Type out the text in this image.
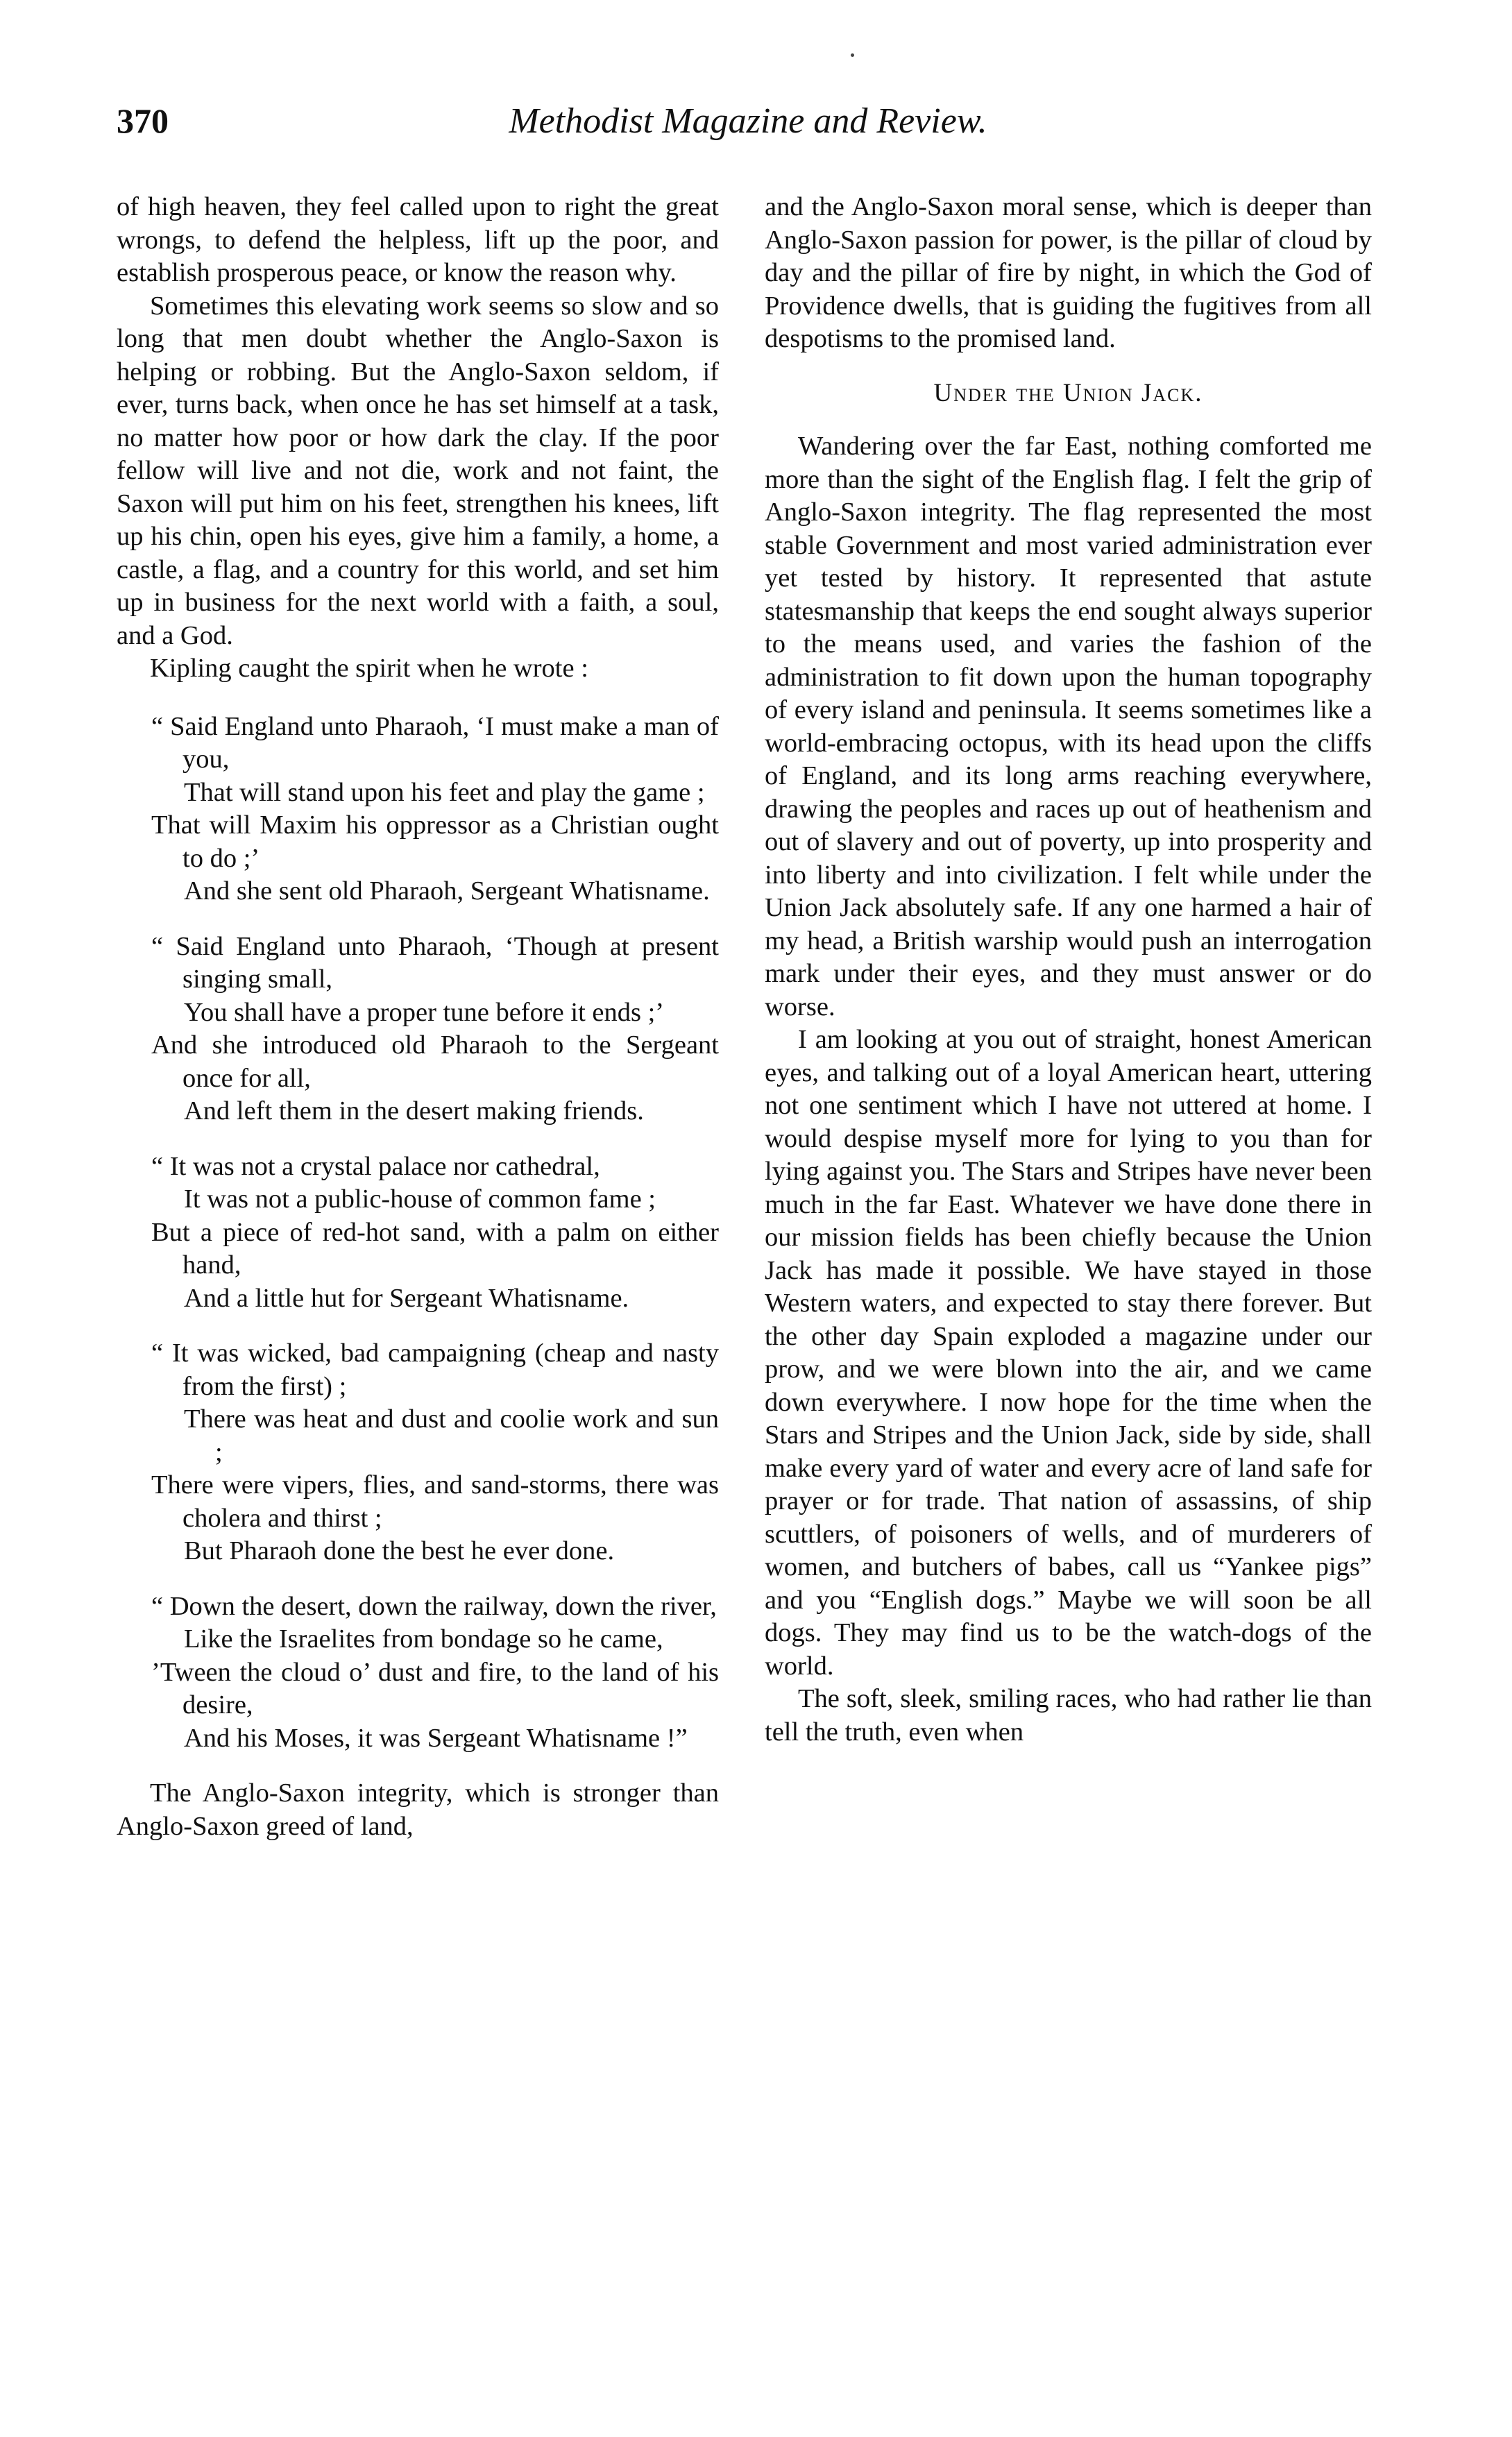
370	Methodist Magazine and Review.

of high heaven, they feel called upon to right the great wrongs, to defend the helpless, lift up the poor, and establish prosperous peace, or know the reason why.

Sometimes this elevating work seems so slow and so long that men doubt whether the Anglo-Saxon is helping or robbing. But the Anglo-Saxon seldom, if ever, turns back, when once he has set himself at a task, no matter how poor or how dark the clay. If the poor fellow will live and not die, work and not faint, the Saxon will put him on his feet, strengthen his knees, lift up his chin, open his eyes, give him a family, a home, a castle, a flag, and a country for this world, and set him up in business for the next world with a faith, a soul, and a God.

Kipling caught the spirit when he wrote :

“ Said England unto Pharaoh, ‘I must make a man of you,

That will stand upon his feet and play the game ;

That will Maxim his oppressor as a Christian ought to do ;’

And she sent old Pharaoh, Sergeant Whatisname.

“ Said England unto Pharaoh, ‘Though at present singing small,

You shall have a proper tune before it ends ;’

And she introduced old Pharaoh to the Sergeant once for all,

And left them in the desert making friends.

“ It was not a crystal palace nor cathedral,

It was not a public-house of common fame ;

But a piece of red-hot sand, with a palm on either hand,

And a little hut for Sergeant Whatisname.

“ It was wicked, bad campaigning (cheap and nasty from the first) ;

There was heat and dust and coolie work and sun ;

There were vipers, flies, and sand-storms, there was cholera and thirst ;

But Pharaoh done the best he ever done.

“ Down the desert, down the railway, down the river,

Like the Israelites from bondage so he came,

’Tween the cloud o’ dust and fire, to the land of his desire,

And his Moses, it was Sergeant Whatisname !”

The Anglo-Saxon integrity, which is stronger than Anglo-Saxon greed of land,

and the Anglo-Saxon moral sense, which is deeper than Anglo-Saxon passion for power, is the pillar of cloud by day and the pillar of fire by night, in which the God of Providence dwells, that is guiding the fugitives from all despotisms to the promised land.

Under the Union Jack.

Wandering over the far East, nothing comforted me more than the sight of the English flag. I felt the grip of Anglo-Saxon integrity. The flag represented the most stable Government and most varied administration ever yet tested by history. It represented that astute statesmanship that keeps the end sought always superior to the means used, and varies the fashion of the administration to fit down upon the human topography of every island and peninsula. It seems sometimes like a world-embracing octopus, with its head upon the cliffs of England, and its long arms reaching everywhere, drawing the peoples and races up out of heathenism and out of slavery and out of poverty, up into prosperity and into liberty and into civilization. I felt while under the Union Jack absolutely safe. If any one harmed a hair of my head, a British warship would push an interrogation mark under their eyes, and they must answer or do worse.

I am looking at you out of straight, honest American eyes, and talking out of a loyal American heart, uttering not one sentiment which I have not uttered at home. I would despise myself more for lying to you than for lying against you. The Stars and Stripes have never been much in the far East. Whatever we have done there in our mission fields has been chiefly because the Union Jack has made it possible. We have stayed in those Western waters, and expected to stay there forever. But the other day Spain exploded a magazine under our prow, and we were blown into the air, and we came down everywhere. I now hope for the time when the Stars and Stripes and the Union Jack, side by side, shall make every yard of water and every acre of land safe for prayer or for trade. That nation of assassins, of ship scuttlers, of poisoners of wells, and of murderers of women, and butchers of babes, call us “Yankee pigs” and you “English dogs.” Maybe we will soon be all dogs. They may find us to be the watch-dogs of the world.

The soft, sleek, smiling races, who had rather lie than tell the truth, even when
